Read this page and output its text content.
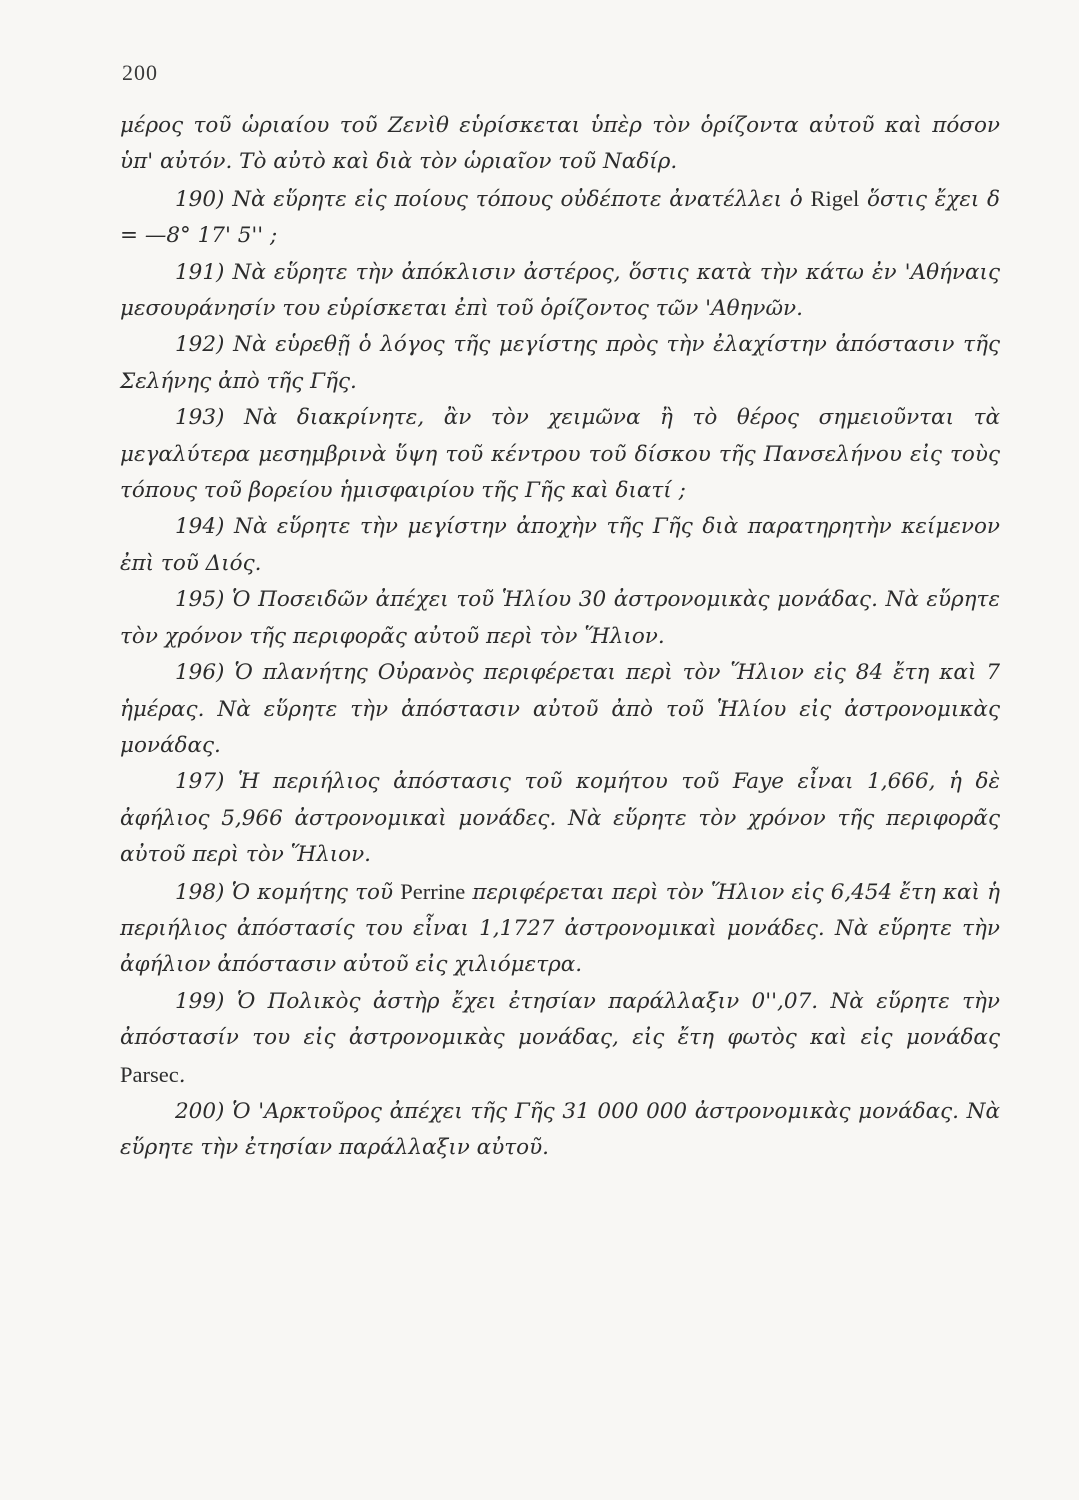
200

μέρος τοῦ ὡριαίου τοῦ Ζενὶθ εὑρίσκεται ὑπὲρ τὸν ὁρίζοντα αὐτοῦ καὶ πόσον ὑπ' αὐτόν. Τὸ αὐτὸ καὶ διὰ τὸν ὡριαῖον τοῦ Ναδίρ.

190) Νὰ εὕρητε εἰς ποίους τόπους οὐδέποτε ἀνατέλλει ὁ Rigel ὅστις ἔχει δ = —8° 17' 5'' ;

191) Νὰ εὕρητε τὴν ἀπόκλισιν ἀστέρος, ὅστις κατὰ τὴν κάτω ἐν 'Αθήναις μεσουράνησίν του εὑρίσκεται ἐπὶ τοῦ ὁρίζοντος τῶν 'Αθηνῶν.

192) Νὰ εὑρεθῇ ὁ λόγος τῆς μεγίστης πρὸς τὴν ἐλαχίστην ἀπόστασιν τῆς Σελήνης ἀπὸ τῆς Γῆς.

193) Νὰ διακρίνητε, ἂν τὸν χειμῶνα ἢ τὸ θέρος σημειοῦνται τὰ μεγαλύτερα μεσημβρινὰ ὕψη τοῦ κέντρου τοῦ δίσκου τῆς Πανσελήνου εἰς τοὺς τόπους τοῦ βορείου ἡμισφαιρίου τῆς Γῆς καὶ διατί ;

194) Νὰ εὕρητε τὴν μεγίστην ἀποχὴν τῆς Γῆς διὰ παρατηρητὴν κείμενον ἐπὶ τοῦ Διός.

195) Ὁ Ποσειδῶν ἀπέχει τοῦ Ἡλίου 30 ἀστρονομικὰς μονάδας. Νὰ εὕρητε τὸν χρόνον τῆς περιφορᾶς αὐτοῦ περὶ τὸν Ἥλιον.

196) Ὁ πλανήτης Οὐρανὸς περιφέρεται περὶ τὸν Ἥλιον εἰς 84 ἔτη καὶ 7 ἡμέρας. Νὰ εὕρητε τὴν ἀπόστασιν αὐτοῦ ἀπὸ τοῦ Ἡλίου εἰς ἀστρονομικὰς μονάδας.

197) Ἡ περιήλιος ἀπόστασις τοῦ κομήτου τοῦ Faye εἶναι 1,666, ἡ δὲ ἀφήλιος 5,966 ἀστρονομικαὶ μονάδες. Νὰ εὕρητε τὸν χρόνον τῆς περιφορᾶς αὐτοῦ περὶ τὸν Ἥλιον.

198) Ὁ κομήτης τοῦ Perrine περιφέρεται περὶ τὸν Ἥλιον εἰς 6,454 ἔτη καὶ ἡ περιήλιος ἀπόστασίς του εἶναι 1,1727 ἀστρονομικαὶ μονάδες. Νὰ εὕρητε τὴν ἀφήλιον ἀπόστασιν αὐτοῦ εἰς χιλιόμετρα.

199) Ὁ Πολικὸς ἀστὴρ ἔχει ἐτησίαν παράλλαξιν 0'',07. Νὰ εὕρητε τὴν ἀπόστασίν του εἰς ἀστρονομικὰς μονάδας, εἰς ἔτη φωτὸς καὶ εἰς μονάδας Parsec.

200) Ὁ 'Αρκτοῦρος ἀπέχει τῆς Γῆς 31 000 000 ἀστρονομικὰς μονάδας. Νὰ εὕρητε τὴν ἐτησίαν παράλλαξιν αὐτοῦ.
